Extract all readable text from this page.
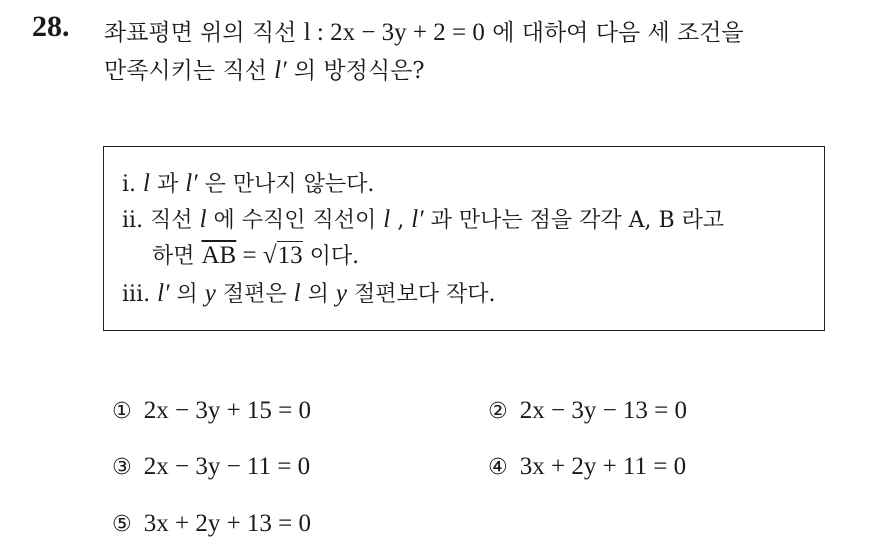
28. 좌표평면 위의 직선 l : 2x − 3y + 2 = 0 에 대하여 다음 세 조건을
만족시키는 직선 l′ 의 방정식은?
i. l 과 l′ 은 만나지 않는다.
ii. 직선 l 에 수직인 직선이 l , l′ 과 만나는 점을 각각 A, B 라고
하면 $\overline{AB} = √13$ 이다.
iii. l′ 의 y 절편은 l 의 y 절편보다 작다.
① 2x − 3y + 15 = 0	② 2x − 3y − 13 = 0
③ 2x − 3y − 11 = 0	④ 3x + 2y + 11 = 0
⑤ 3x + 2y + 13 = 0
